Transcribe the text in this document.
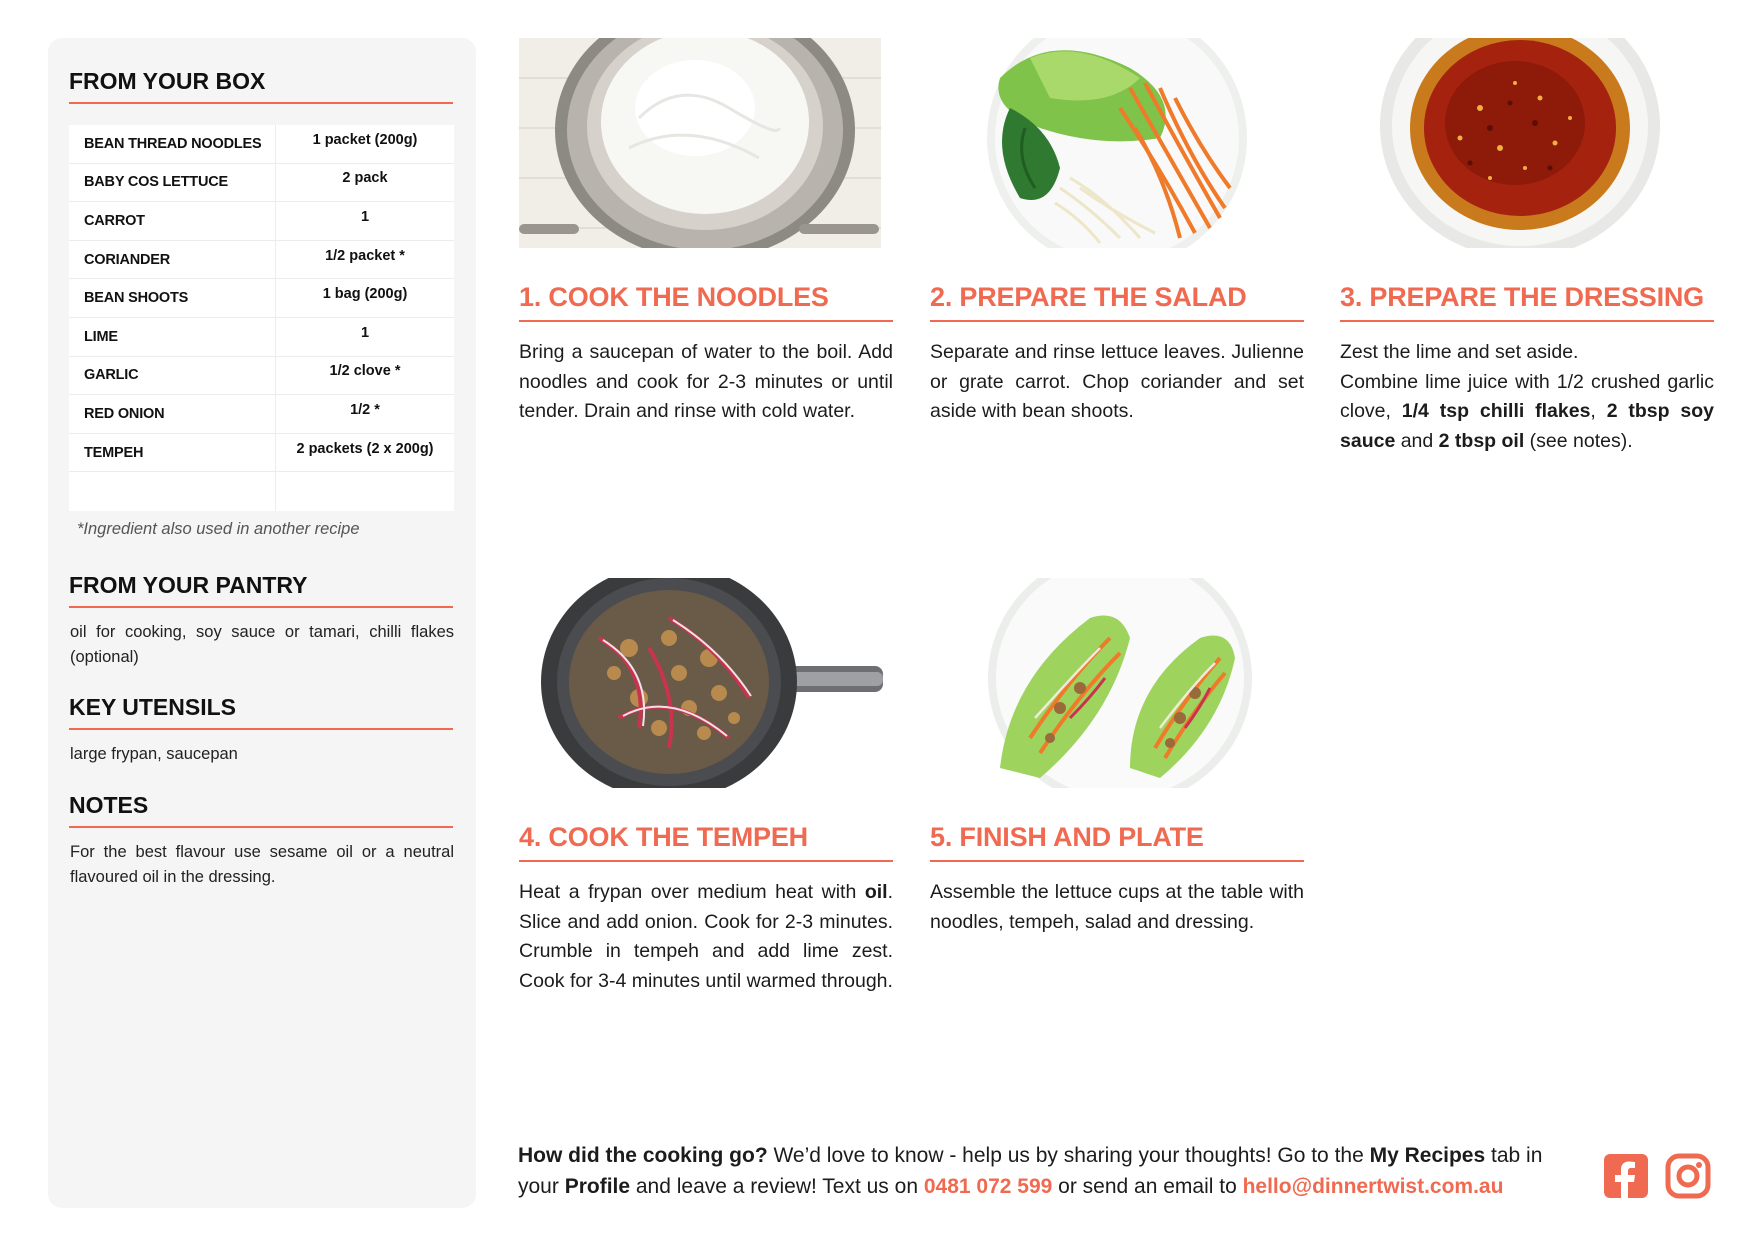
FROM YOUR BOX
BEAN THREAD NOODLES	1 packet (200g)
BABY COS LETTUCE	2 pack
CARROT	1
CORIANDER	1/2 packet *
BEAN SHOOTS	1 bag (200g)
LIME	1
GARLIC	1/2 clove *
RED ONION	1/2 *
TEMPEH	2 packets (2 x 200g)
*Ingredient also used in another recipe
FROM YOUR PANTRY
oil for cooking, soy sauce or tamari, chilli flakes (optional)
KEY UTENSILS
large frypan, saucepan
NOTES
For the best flavour use sesame oil or a neutral flavoured oil in the dressing.
1. COOK THE NOODLES
Bring a saucepan of water to the boil. Add noodles and cook for 2-3 minutes or until tender. Drain and rinse with cold water.
2. PREPARE THE SALAD
Separate and rinse lettuce leaves. Julienne or grate carrot. Chop coriander and set aside with bean shoots.
3. PREPARE THE DRESSING
Zest the lime and set aside.
Combine lime juice with 1/2 crushed garlic clove, 1/4 tsp chilli flakes, 2 tbsp soy sauce and 2 tbsp oil (see notes).
4. COOK THE TEMPEH
Heat a frypan over medium heat with oil. Slice and add onion. Cook for 2-3 minutes. Crumble in tempeh and add lime zest. Cook for 3-4 minutes until warmed through.
5. FINISH AND PLATE
Assemble the lettuce cups at the table with noodles, tempeh, salad and dressing.
How did the cooking go? We’d love to know - help us by sharing your thoughts! Go to the My Recipes tab in your Profile and leave a review! Text us on 0481 072 599 or send an email to hello@dinnertwist.com.au
